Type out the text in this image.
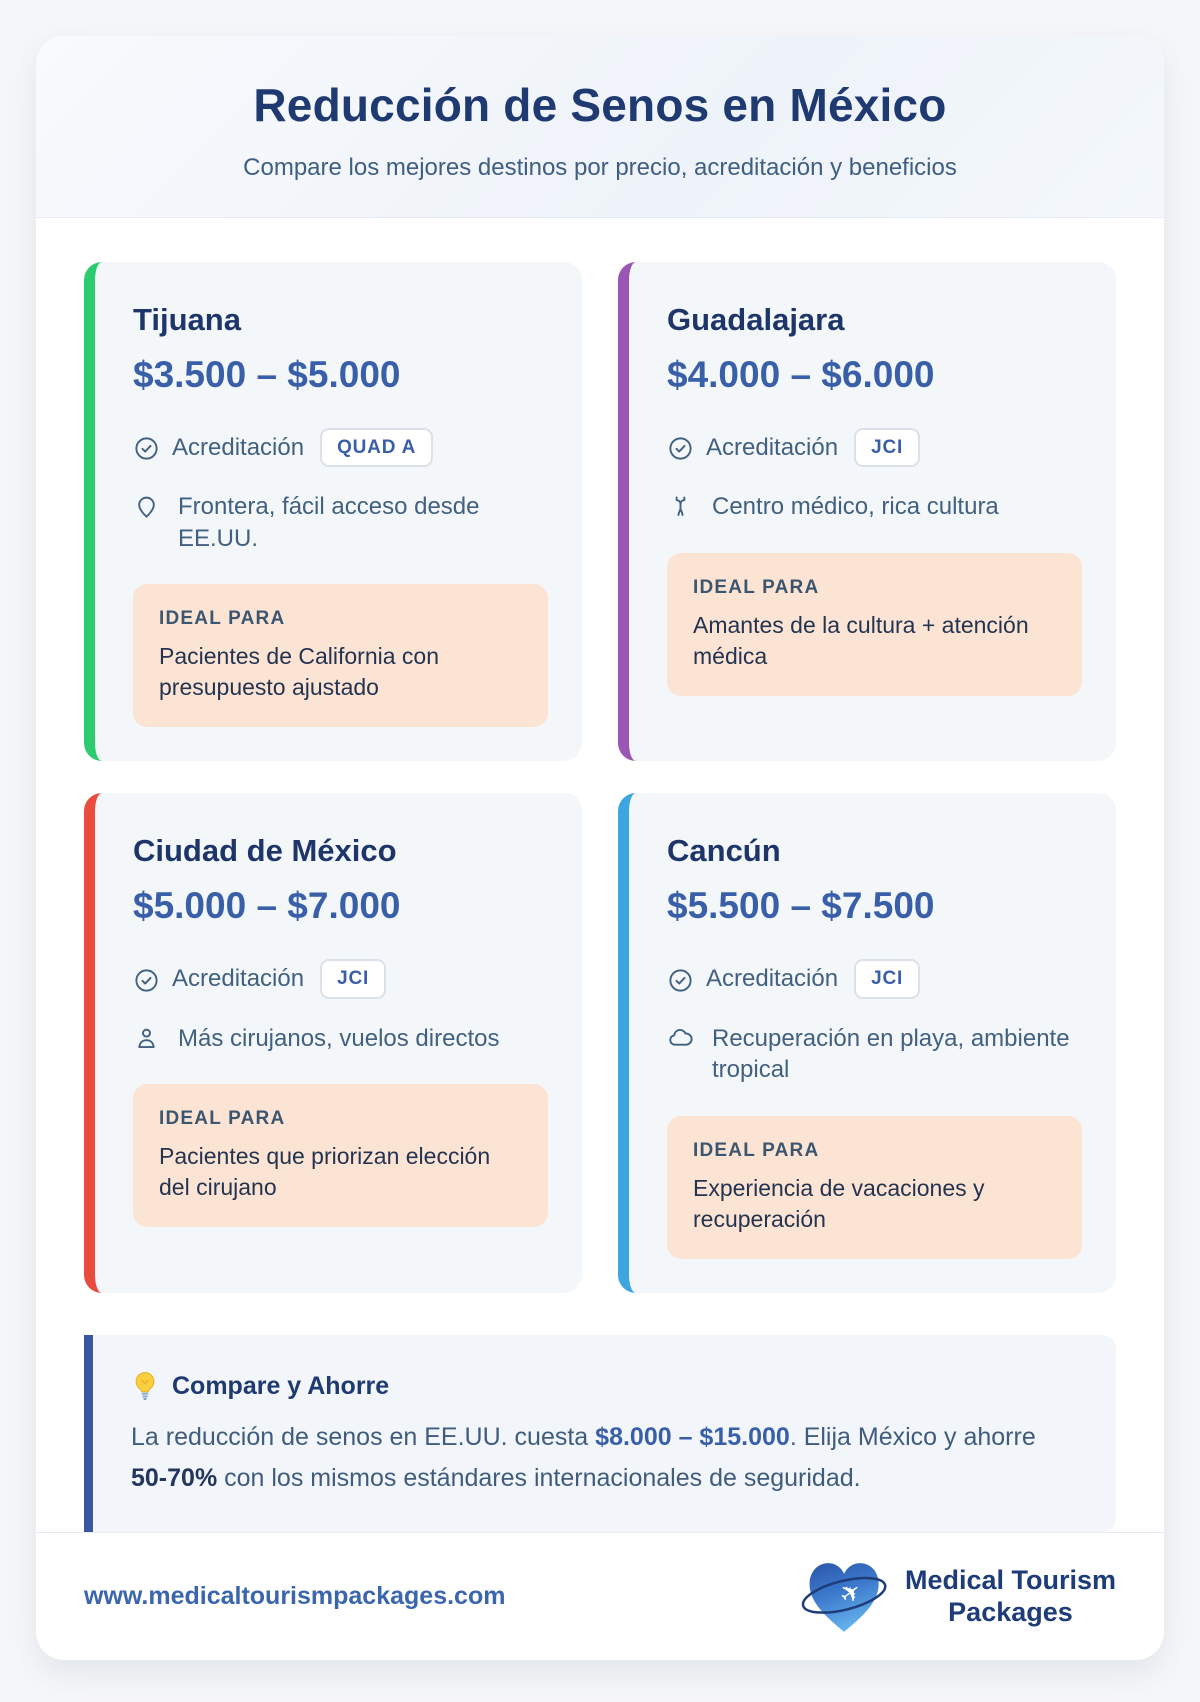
Reducción de Senos en México
Compare los mejores destinos por precio, acreditación y beneficios
Tijuana
$3.500 – $5.000
Acreditación	QUAD A
Frontera, fácil acceso desde EE.UU.
IDEAL PARA
Pacientes de California con presupuesto ajustado
Guadalajara
$4.000 – $6.000
Acreditación	JCI
Centro médico, rica cultura
IDEAL PARA
Amantes de la cultura + atención médica
Ciudad de México
$5.000 – $7.000
Acreditación	JCI
Más cirujanos, vuelos directos
IDEAL PARA
Pacientes que priorizan elección del cirujano
Cancún
$5.500 – $7.500
Acreditación	JCI
Recuperación en playa, ambiente tropical
IDEAL PARA
Experiencia de vacaciones y recuperación
Compare y Ahorre
La reducción de senos en EE.UU. cuesta $8.000 – $15.000. Elija México y ahorre 50-70% con los mismos estándares internacionales de seguridad.
www.medicaltourismpackages.com	✈ Medical Tourism
Packages
